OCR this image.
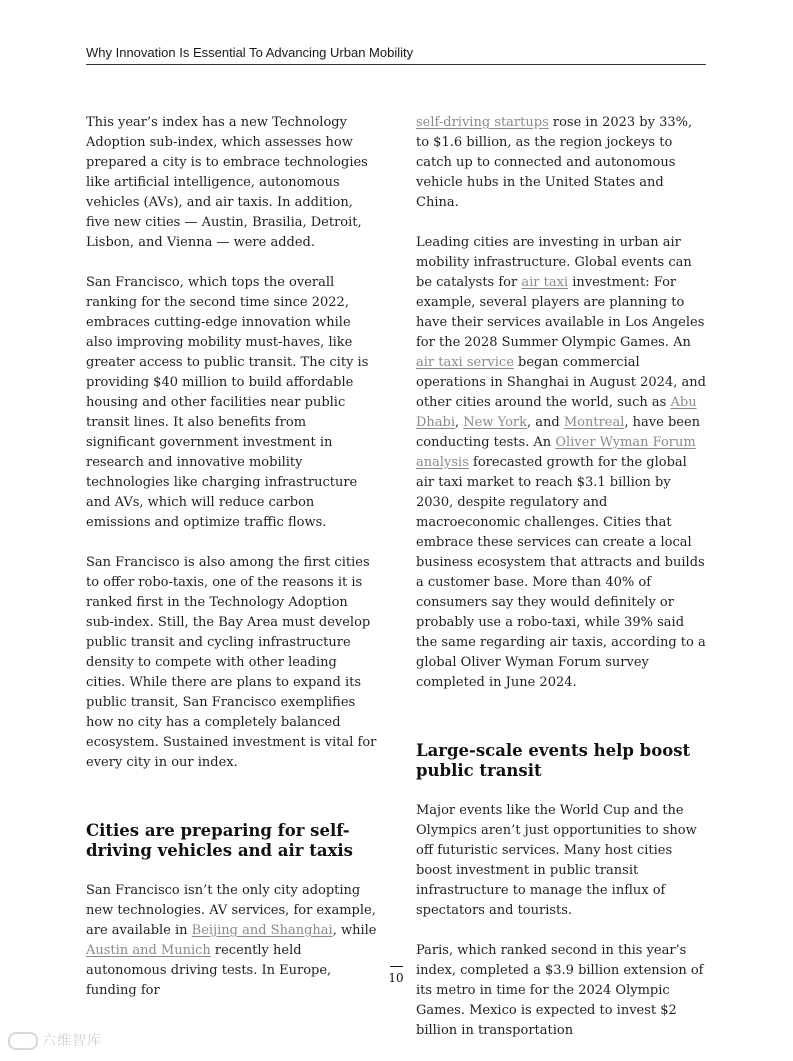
Why Innovation Is Essential To Advancing Urban Mobility

This year’s index has a new Technology Adoption sub-index, which assesses how prepared a city is to embrace technologies like artificial intelligence, autonomous vehicles (AVs), and air taxis. In addition, five new cities — Austin, Brasilia, Detroit, Lisbon, and Vienna — were added.

San Francisco, which tops the overall ranking for the second time since 2022, embraces cutting-edge innovation while also improving mobility must-haves, like greater access to public transit. The city is providing $40 million to build affordable housing and other facilities near public transit lines. It also benefits from significant government investment in research and innovative mobility technologies like charging infrastructure and AVs, which will reduce carbon emissions and optimize traffic flows.

San Francisco is also among the first cities to offer robo-taxis, one of the reasons it is ranked first in the Technology Adoption sub-index. Still, the Bay Area must develop public transit and cycling infrastructure density to compete with other leading cities. While there are plans to expand its public transit, San Francisco exemplifies how no city has a completely balanced ecosystem. Sustained investment is vital for every city in our index.

Cities are preparing for self-driving vehicles and air taxis

San Francisco isn’t the only city adopting new technologies. AV services, for example, are available in Beijing and Shanghai, while Austin and Munich recently held autonomous driving tests. In Europe, funding for

self-driving startups rose in 2023 by 33%, to $1.6 billion, as the region jockeys to catch up to connected and autonomous vehicle hubs in the United States and China.

Leading cities are investing in urban air mobility infrastructure. Global events can be catalysts for air taxi investment: For example, several players are planning to have their services available in Los Angeles for the 2028 Summer Olympic Games. An air taxi service began commercial operations in Shanghai in August 2024, and other cities around the world, such as Abu Dhabi, New York, and Montreal, have been conducting tests. An Oliver Wyman Forum analysis forecasted growth for the global air taxi market to reach $3.1 billion by 2030, despite regulatory and macroeconomic challenges. Cities that embrace these services can create a local business ecosystem that attracts and builds a customer base. More than 40% of consumers say they would definitely or probably use a robo-taxi, while 39% said the same regarding air taxis, according to a global Oliver Wyman Forum survey completed in June 2024.

Large-scale events help boost public transit

Major events like the World Cup and the Olympics aren’t just opportunities to show off futuristic services. Many host cities boost investment in public transit infrastructure to manage the influx of spectators and tourists.

Paris, which ranked second in this year’s index, completed a $3.9 billion extension of its metro in time for the 2024 Olympic Games. Mexico is expected to invest $2 billion in transportation

10
六维智库
